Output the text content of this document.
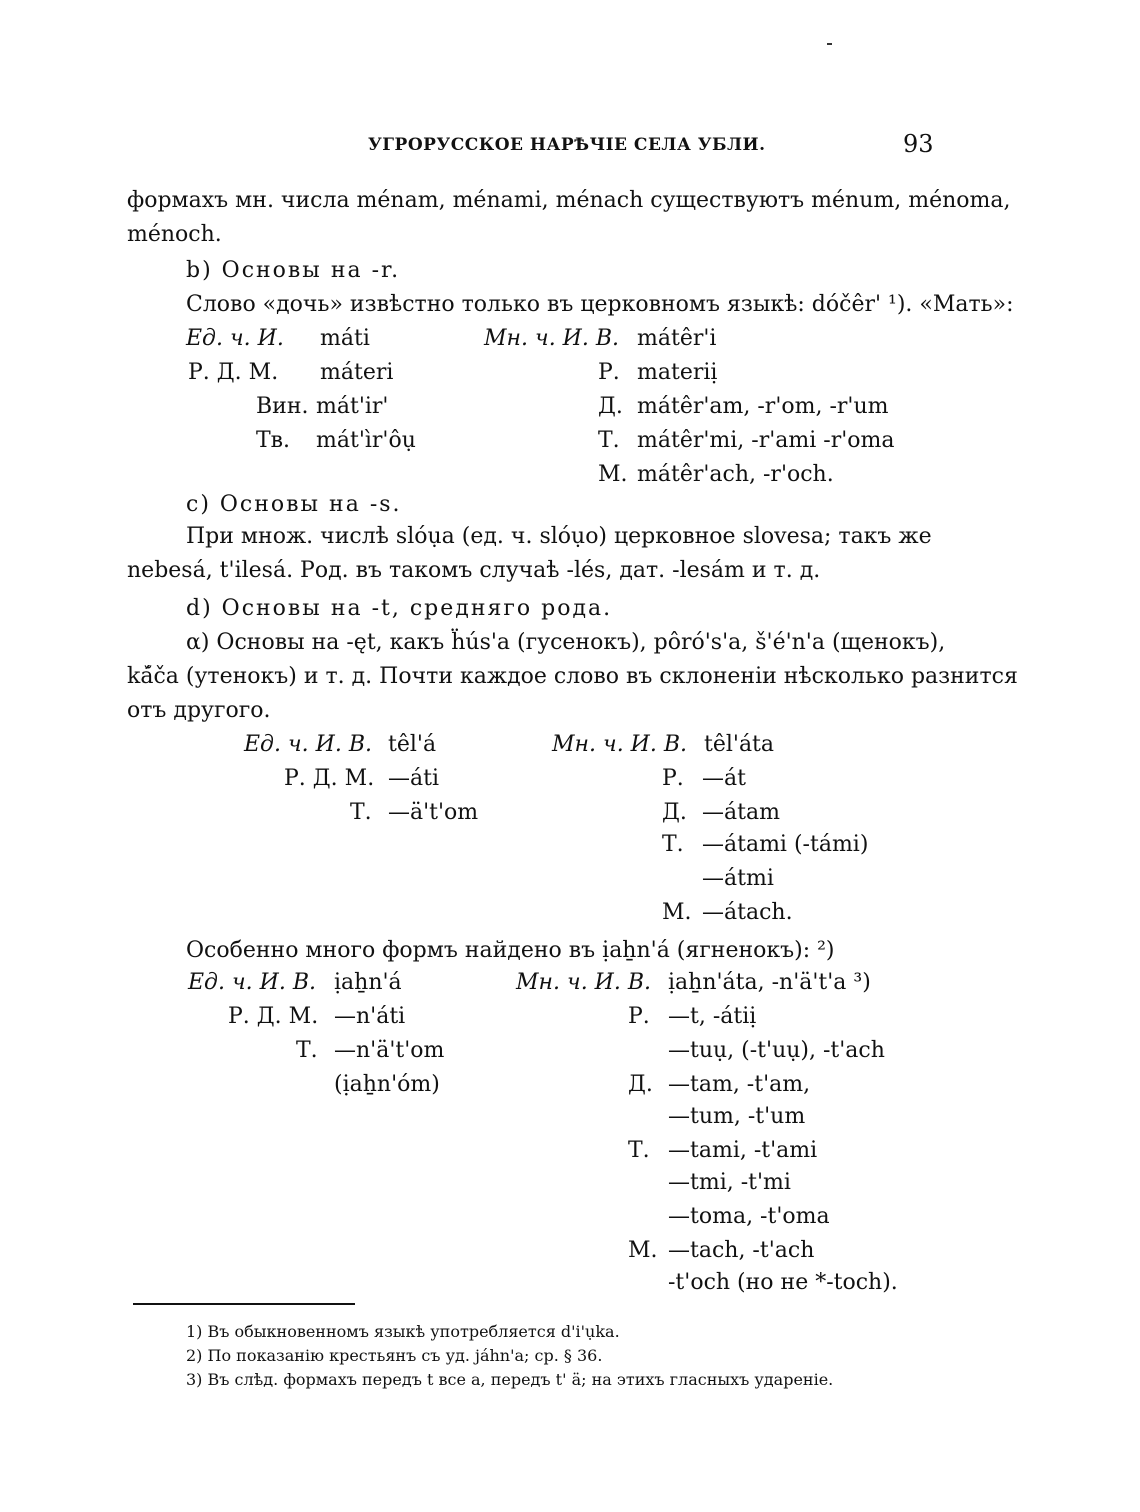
УГРОРУССКОЕ НАРѢЧІЕ СЕЛА УБЛИ.	93
формахъ мн. числа ménam, ménami, ménach существуютъ ménum, ménoma,
ménoch.
b) Основы на -r.
Слово «дочь» извѣстно только въ церковномъ языкѣ: dóčêr' ¹). «Мать»:
Ед. ч. И. máti
Р. Д. М. máteri
Вин. mát'ir'
Тв. mát'ìr'ôụ
Мн. ч. И. В. mátêr'i
Р. materiị
Д. mátêr'am, -r'om, -r'um
Т. mátêr'mi, -r'ami -r'oma
М. mátêr'ach, -r'och.
c) Основы на -s.
При множ. числѣ slóụa (ед. ч. slóụo) церковное slovesa; такъ же
nebesá, t'ilesá. Род. въ такомъ случаѣ -lés, дат. -lesám и т. д.
d) Основы на -t, средняго рода.
α) Основы на -ęt, какъ ḧús'a (гусенокъ), pôró's'a, š'é'n'a (щенокъ),
ká̆ča (утенокъ) и т. д. Почти каждое слово въ склоненіи нѣсколько разнится
отъ другого.
Ед. ч. И. В. têl'á
Р. Д. М. —áti
Т. —ä't'om
Мн. ч. И. В. têl'áta
Р. —át
Д. —átam
Т. —átami (-támi)
—átmi
М. —átach.
Особенно много формъ найдено въ ịaẖn'á (ягненокъ): ²)
Ед. ч. И. В. ịaẖn'á
Р. Д. М. —n'áti
Т. —n'ä't'om
(ịaẖn'óm)
Мн. ч. И. В. ịaẖn'áta, -n'ä't'a ³)
Р. —t, -átiị
—tuụ, (-t'uụ), -t'ach
Д. —tam, -t'am,
—tum, -t'um
Т. —tami, -t'ami
—tmi, -t'mi
—toma, -t'oma
М. —tach, -t'ach
-t'och (но не *-toch).
1) Въ обыкновенномъ языкѣ употребляется d'i'ụka.
2) По показанію крестьянъ съ уд. jáhn'a; ср. § 36.
3) Въ слѣд. формахъ передъ t все a, передъ t' ä; на этихъ гласныхъ удареніе.
